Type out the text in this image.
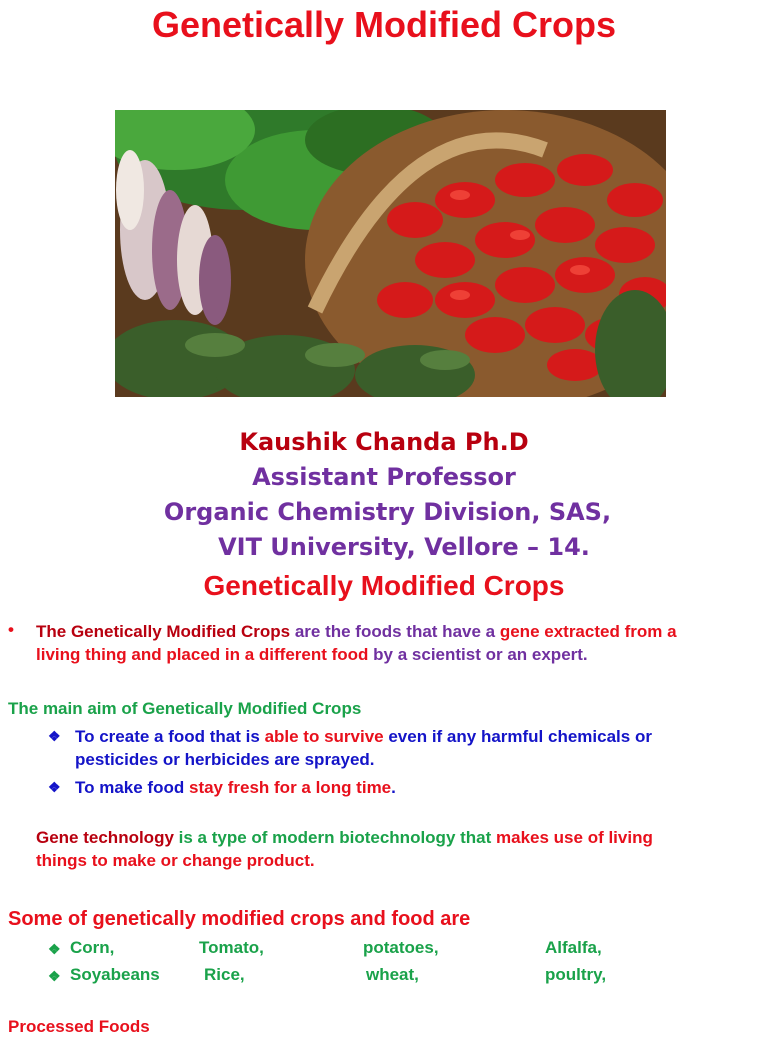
Genetically Modified Crops
Kaushik Chanda Ph.D
Assistant Professor
Organic Chemistry Division, SAS,
VIT University, Vellore – 14.
Genetically Modified Crops
• The Genetically Modified Crops are the foods that have a gene extracted from a
living thing and placed in a different food by a scientist or an expert.
The main aim of Genetically Modified Crops
❖ To create a food that is able to survive even if any harmful chemicals or
pesticides or herbicides are sprayed.
❖ To make food stay fresh for a long time.
Gene technology is a type of modern biotechnology that makes use of living
things to make or change product.
Some of genetically modified crops and food are
❖ Corn,	Tomato,	potatoes,	Alfalfa,
❖ Soyabeans	Rice,	wheat,	poultry,
Processed Foods
